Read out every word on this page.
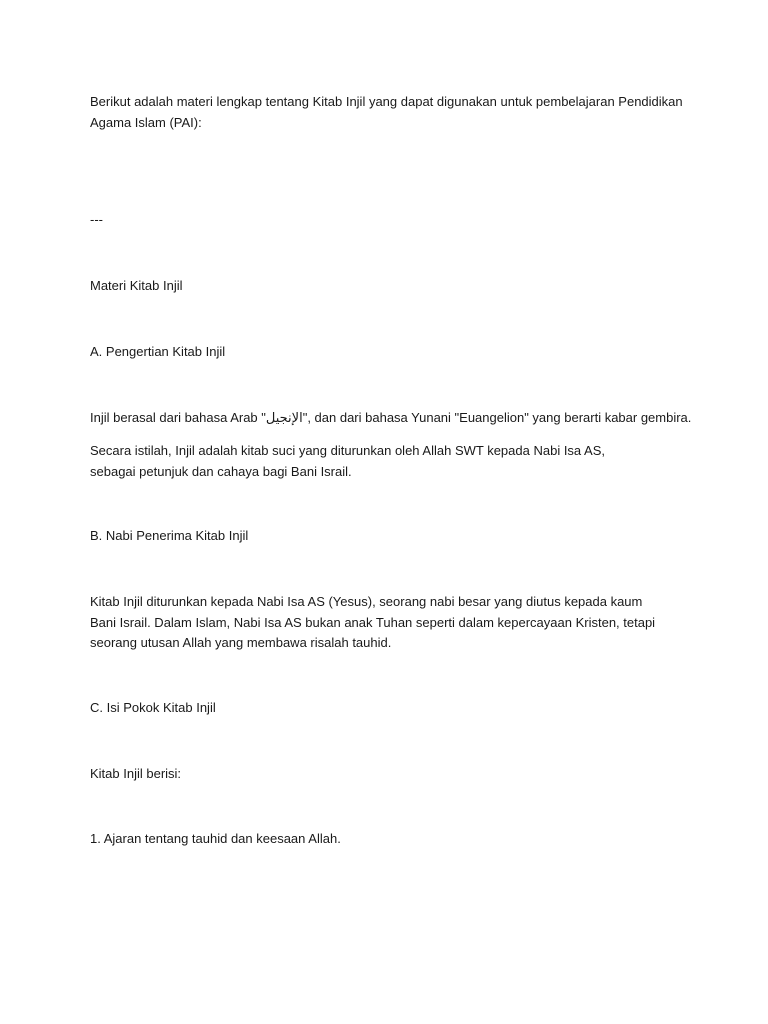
Berikut adalah materi lengkap tentang Kitab Injil yang dapat digunakan untuk pembelajaran Pendidikan Agama Islam (PAI):

---

Materi Kitab Injil

A. Pengertian Kitab Injil

Injil berasal dari bahasa Arab "الإنجيل", dan dari bahasa Yunani "Euangelion" yang berarti kabar gembira.

Secara istilah, Injil adalah kitab suci yang diturunkan oleh Allah SWT kepada Nabi Isa AS, sebagai petunjuk dan cahaya bagi Bani Israil.

B. Nabi Penerima Kitab Injil

Kitab Injil diturunkan kepada Nabi Isa AS (Yesus), seorang nabi besar yang diutus kepada kaum Bani Israil. Dalam Islam, Nabi Isa AS bukan anak Tuhan seperti dalam kepercayaan Kristen, tetapi seorang utusan Allah yang membawa risalah tauhid.

C. Isi Pokok Kitab Injil

Kitab Injil berisi:

1. Ajaran tentang tauhid dan keesaan Allah.
